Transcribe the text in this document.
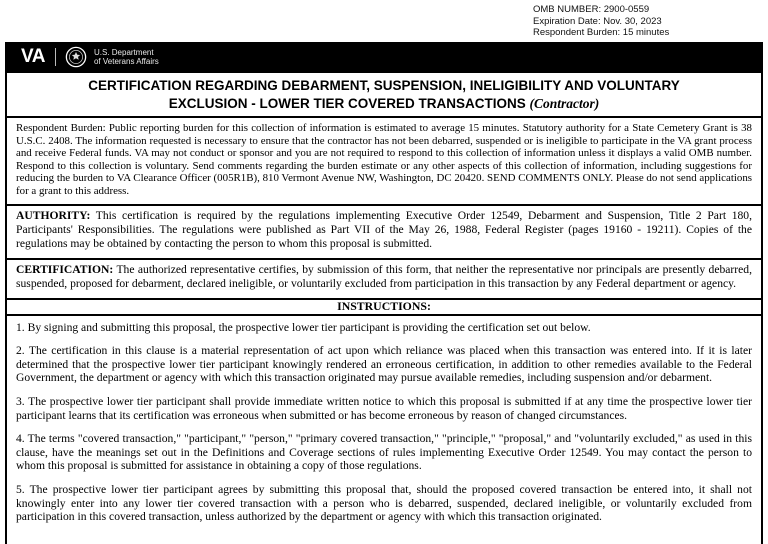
OMB NUMBER: 2900-0559
Expiration Date: Nov. 30, 2023
Respondent Burden: 15 minutes
VA	U.S. Department
of Veterans Affairs
CERTIFICATION REGARDING DEBARMENT, SUSPENSION, INELIGIBILITY AND VOLUNTARY
EXCLUSION - LOWER TIER COVERED TRANSACTIONS (Contractor)
Respondent Burden: Public reporting burden for this collection of information is estimated to average 15 minutes. Statutory authority for a State Cemetery Grant is 38 U.S.C. 2408. The information requested is necessary to ensure that the contractor has not been debarred, suspended or is ineligible to participate in the VA grant process and receive Federal funds. VA may not conduct or sponsor and you are not required to respond to this collection of information unless it displays a valid OMB number. Respond to this collection is voluntary. Send comments regarding the burden estimate or any other aspects of this collection of information, including suggestions for reducing the burden to VA Clearance Officer (005R1B), 810 Vermont Avenue NW, Washington, DC 20420. SEND COMMENTS ONLY. Please do not send applications for a grant to this address.
AUTHORITY: This certification is required by the regulations implementing Executive Order 12549, Debarment and Suspension, Title 2 Part 180, Participants' Responsibilities. The regulations were published as Part VII of the May 26, 1988, Federal Register (pages 19160 - 19211). Copies of the regulations may be obtained by contacting the person to whom this proposal is submitted.
CERTIFICATION: The authorized representative certifies, by submission of this form, that neither the representative nor principals are presently debarred, suspended, proposed for debarment, declared ineligible, or voluntarily excluded from participation in this transaction by any Federal department or agency.
INSTRUCTIONS:

1. By signing and submitting this proposal, the prospective lower tier participant is providing the certification set out below.

2. The certification in this clause is a material representation of act upon which reliance was placed when this transaction was entered into. If it is later determined that the prospective lower tier participant knowingly rendered an erroneous certification, in addition to other remedies available to the Federal Government, the department or agency with which this transaction originated may pursue available remedies, including suspension and/or debarment.

3. The prospective lower tier participant shall provide immediate written notice to which this proposal is submitted if at any time the prospective lower tier participant learns that its certification was erroneous when submitted or has become erroneous by reason of changed circumstances.

4. The terms "covered transaction," "participant," "person," "primary covered transaction," "principle," "proposal," and "voluntarily excluded," as used in this clause, have the meanings set out in the Definitions and Coverage sections of rules implementing Executive Order 12549. You may contact the person to whom this proposal is submitted for assistance in obtaining a copy of those regulations.

5. The prospective lower tier participant agrees by submitting this proposal that, should the proposed covered transaction be entered into, it shall not knowingly enter into any lower tier covered transaction with a person who is debarred, suspended, declared ineligible, or voluntarily excluded from participation in this covered transaction, unless authorized by the department or agency with which this transaction originated.
